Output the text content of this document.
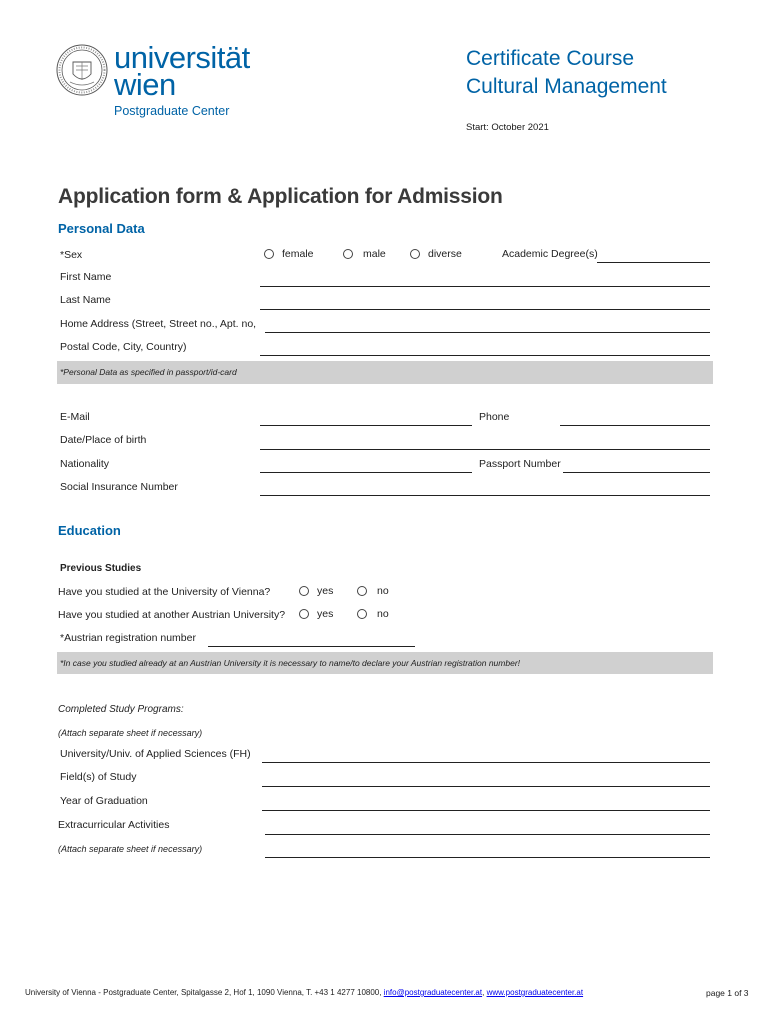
universität
wien
Postgraduate Center
Certificate Course
Cultural Management
Start: October 2021
Application form & Application for Admission
Personal Data
*Sex	female	male	diverse	Academic Degree(s)
First Name
Last Name
Home Address (Street, Street no., Apt. no,
Postal Code, City, Country)
*Personal Data as specified in passport/id-card
E-Mail	Phone
Date/Place of birth
Nationality	Passport Number
Social Insurance Number
Education
Previous Studies
Have you studied at the University of Vienna?	yes	no
Have you studied at another Austrian University?	yes	no
*Austrian registration number
*In case you studied already at an Austrian University it is necessary to name/to declare your Austrian registration number!
Completed Study Programs:
(Attach separate sheet if necessary)
University/Univ. of Applied Sciences (FH)
Field(s) of Study
Year of Graduation
Extracurricular Activities
(Attach separate sheet if necessary)
University of Vienna - Postgraduate Center, Spitalgasse 2, Hof 1, 1090 Vienna, T. +43 1 4277 10800, info@postgraduatecenter.at, www.postgraduatecenter.at	page 1 of 3
